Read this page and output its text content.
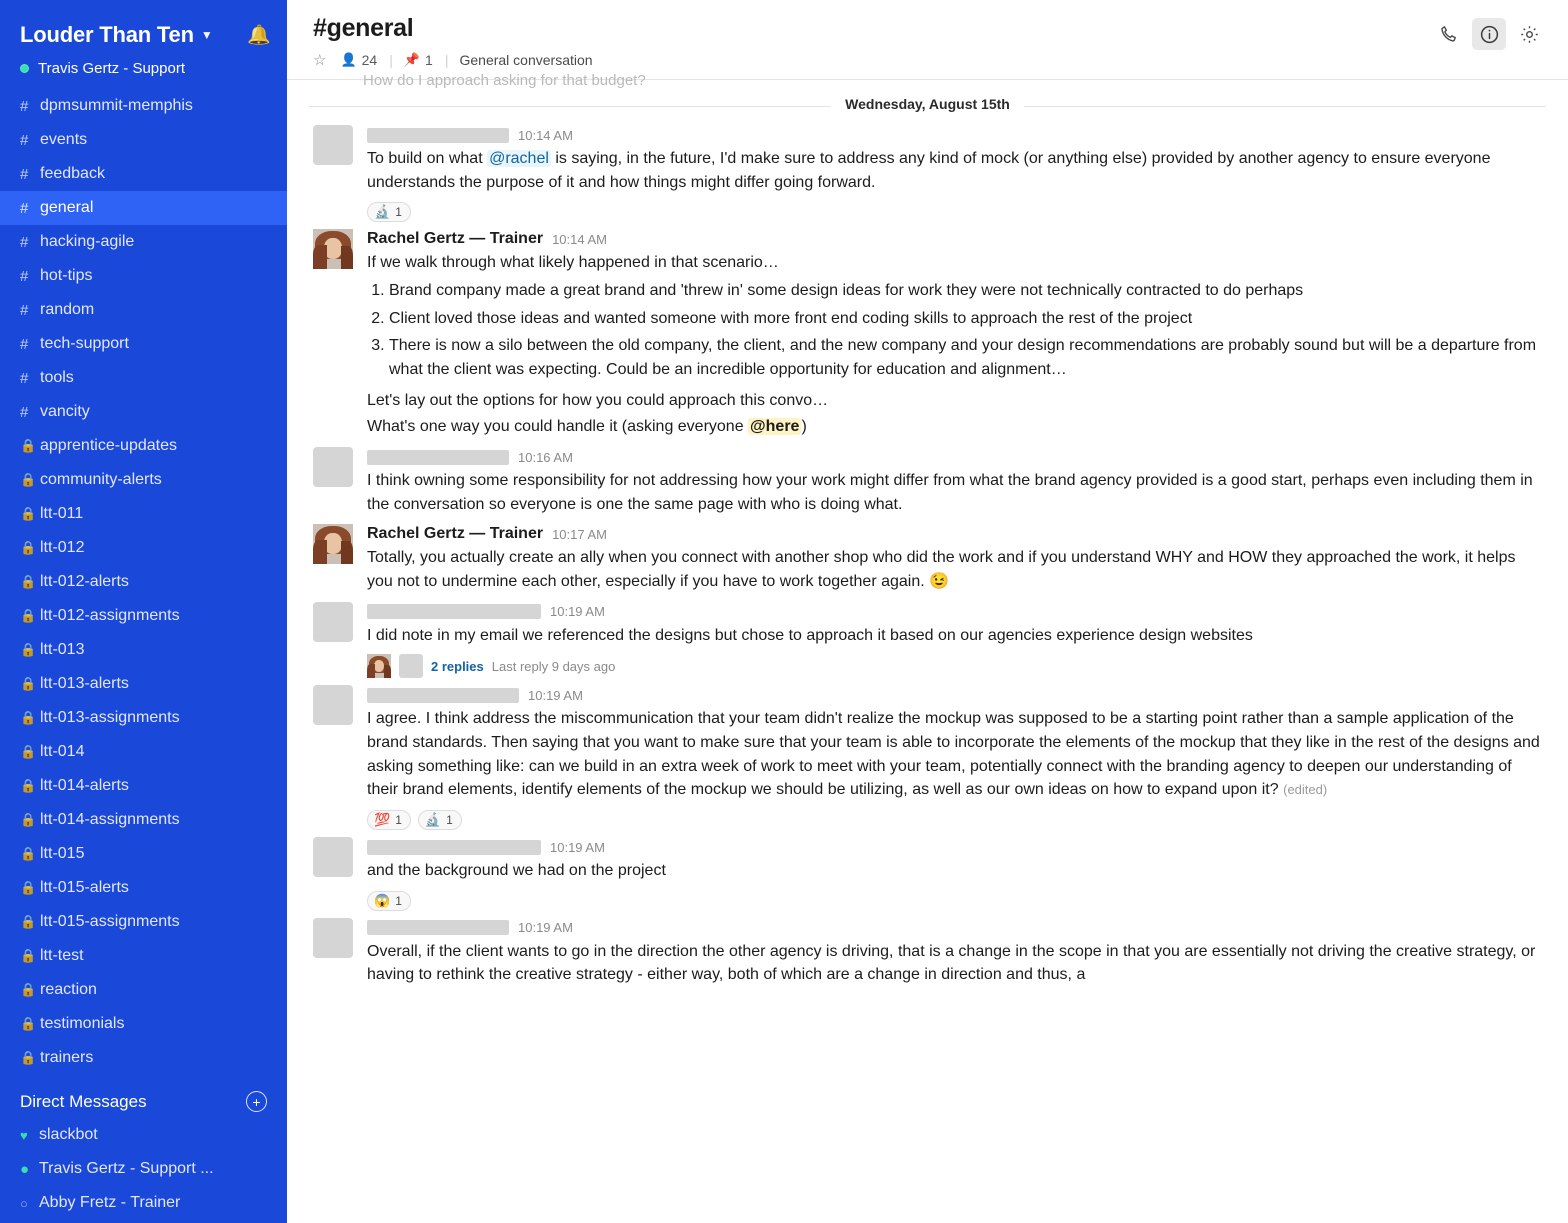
Louder Than Ten ▼ 🔔
Travis Gertz - Support
# dpmsummit-memphis
# events
# feedback
# general
# hacking-agile
# hot-tips
# random
# tech-support
# tools
# vancity
🔒 apprentice-updates
🔒 community-alerts
🔒 ltt-011
🔒 ltt-012
🔒 ltt-012-alerts
🔒 ltt-012-assignments
🔒 ltt-013
🔒 ltt-013-alerts
🔒 ltt-013-assignments
🔒 ltt-014
🔒 ltt-014-alerts
🔒 ltt-014-assignments
🔒 ltt-015
🔒 ltt-015-alerts
🔒 ltt-015-assignments
🔒 ltt-test
🔒 reaction
🔒 testimonials
🔒 trainers
Direct Messages	+
♥ slackbot
● Travis Gertz - Support ...
○ Abby Fretz - Trainer
#general
☆ 👤 24 | 📌 1 | General conversation
How do I approach asking for that budget?
Wednesday, August 15th
10:14 AM

To build on what @rachel is saying, in the future, I'd make sure to address any kind of mock (or anything else) provided by another agency to ensure everyone understands the purpose of it and how things might differ going forward.

🔬 1
Rachel Gertz — Trainer 10:14 AM

If we walk through what likely happened in that scenario…

1. Brand company made a great brand and 'threw in' some design ideas for work they were not technically contracted to do perhaps
2. Client loved those ideas and wanted someone with more front end coding skills to approach the rest of the project
3. There is now a silo between the old company, the client, and the new company and your design recommendations are probably sound but will be a departure from what the client was expecting. Could be an incredible opportunity for education and alignment…

Let's lay out the options for how you could approach this convo…

What's one way you could handle it (asking everyone @here )

10:16 AM

I think owning some responsibility for not addressing how your work might differ from what the brand agency provided is a good start, perhaps even including them in the conversation so everyone is one the same page with who is doing what.

Rachel Gertz — Trainer 10:17 AM

Totally, you actually create an ally when you connect with another shop who did the work and if you understand WHY and HOW they approached the work, it helps you not to undermine each other, especially if you have to work together again. 😉

10:19 AM

I did note in my email we referenced the designs but chose to approach it based on our agencies experience design websites

2 replies Last reply 9 days ago
10:19 AM

I agree. I think address the miscommunication that your team didn't realize the mockup was supposed to be a starting point rather than a sample application of the brand standards. Then saying that you want to make sure that your team is able to incorporate the elements of the mockup that they like in the rest of the designs and asking something like: can we build in an extra week of work to meet with your team, potentially connect with the branding agency to deepen our understanding of their brand elements, identify elements of the mockup we should be utilizing, as well as our own ideas on how to expand upon it? (edited)

💯 1 🔬 1
10:19 AM

and the background we had on the project

😱 1
10:19 AM

Overall, if the client wants to go in the direction the other agency is driving, that is a change in the scope in that you are essentially not driving the creative strategy, or having to rethink the creative strategy - either way, both of which are a change in direction and thus, a
